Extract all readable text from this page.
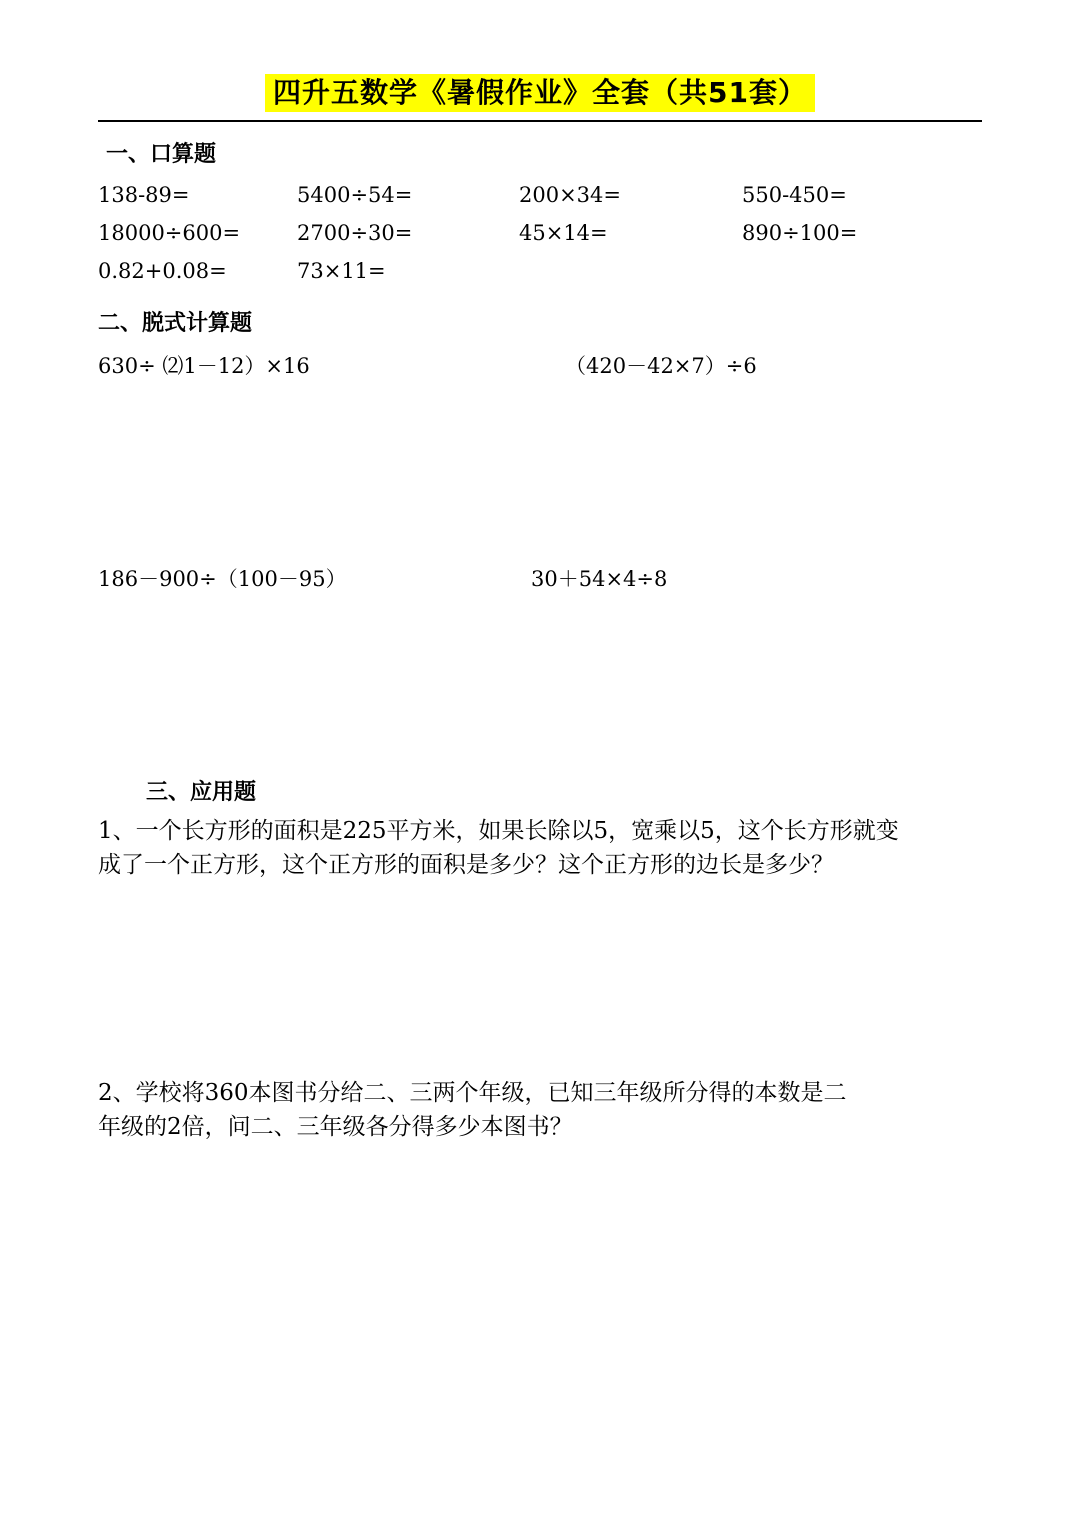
四升五数学《暑假作业》全套（共51套）
一、口算题
138-89=	5400÷54=	200×34=	550-450=
18000÷600=	2700÷30=	45×14=	890÷100=
0.82+0.08=	73×11=
二、脱式计算题
630÷ ⑵1－12）×16	（420－42×7）÷6
186－900÷（100－95）	30＋54×4÷8
三、应用题
1、一个长方形的面积是225平方米，如果长除以5，宽乘以5，这个长方形就变
成了一个正方形，这个正方形的面积是多少？这个正方形的边长是多少？
2、学校将360本图书分给二、三两个年级，已知三年级所分得的本数是二
年级的2倍，问二、三年级各分得多少本图书？
